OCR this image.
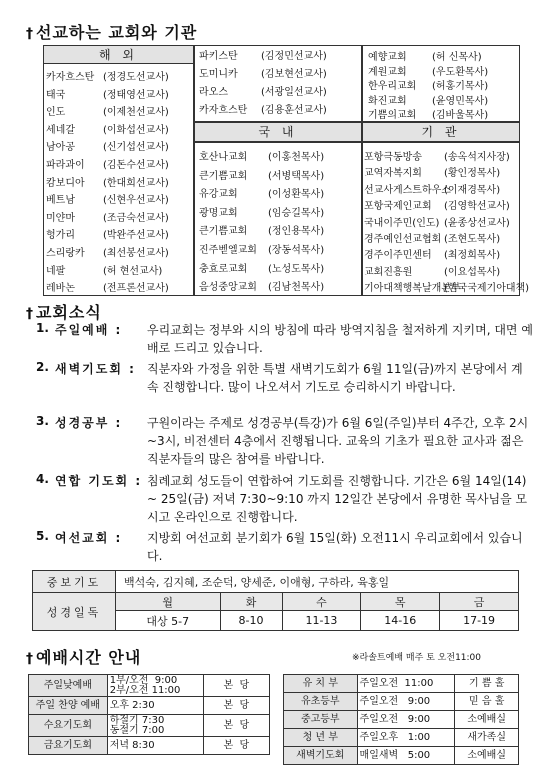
† 선교하는 교회와 기관
해 외
카자흐스탄 (정경도선교사)
태국	(정태영선교사)
인도	(이제천선교사)
세네갈	(이화섭선교사)
남아공	(신기섭선교사)
파라과이 (김돈수선교사)
캄보디아 (한대희선교사)
베트남	(신현우선교사)
미얀마	(조금숙선교사)
헝가리	(박완주선교사)
스리랑카 (최선봉선교사)
네팔	(허 현선교사)
레바논	(전프론선교사)
파키스탄 (김정민선교사)
도미니카 (김보현선교사)
라오스	(서광일선교사)
카자흐스탄 (김용훈선교사)
예향교회	(허 신목사)
계원교회	(우도환목사)
한우리교회 (허홍기목사)
화진교회	(윤영민목사)
기쁨의교회 (김바울목사)
국 내	기 관
호산나교회 (이홍천목사)
큰기쁨교회 (서병택목사)
유강교회	(이성환목사)
광명교회	(임승길목사)
큰기쁨교회 (정인용목사)
진주벧엘교회 (장동석목사)
충효로교회 (노성도목사)
음성중앙교회 (김남천목사)
포항극동방송 (송옥석지사장)
교역자복지회 (황인정목사)
선교사게스트하우스
(이재경목사)
포항국제인교회 (김영학선교사)
국내이주민(인도) (윤종상선교사)
경주예인선교협회 (조현도목사)
경주이주민센터 (최정희목사)
교회진흥원	(이요섭목사)
기아대책행복날개본부
(한국국제기아대책)
† 교회소식
1. 주일예배 : 우리교회는 정부와 시의 방침에 따라 방역지침을 철저하게 지키며, 대면 예배로 드리고 있습니다.
2. 새벽기도회 : 직분자와 가정을 위한 특별 새벽기도회가 6월 11일(금)까지 본당에서 계속 진행합니다. 많이 나오셔서 기도로 승리하시기 바랍니다.
3. 성경공부 : 구원이라는 주제로 성경공부(특강)가 6월 6일(주일)부터 4주간, 오후 2시~3시, 비전센터 4층에서 진행됩니다. 교육의 기초가 필요한 교사과 젊은 직분자들의 많은 참여를 바랍니다.
4. 연합 기도회 : 침례교회 성도들이 연합하여 기도회를 진행합니다. 기간은 6월 14일(14) ~ 25일(금) 저녁 7:30~9:10 까지 12일간 본당에서 유명한 목사님을 모시고 온라인으로 진행합니다.
5. 여선교회 : 지방회 여선교회 분기회가 6월 15일(화) 오전11시 우리교회에서 있습니다.
중보기도	백석숙, 김지혜, 조순덕, 양세준, 이애형, 구하라, 육홍일				
성경일독	월	화	수	목	금
	대상 5-7	8-10	11-13	14-16	17-19
† 예배시간 안내	※라솔트예배 매주 토 오전11:00
주일낮예배	1부/오전  9:00
2부/오전 11:00	본  당
주일 찬양 예배	오후 2:30	본  당
수요기도회	하절기 7:30
동절기 7:00	본  당
금요기도회	저녁 8:30	본  당
유 치 부	주일오전  11:00	기 쁨 홀
유초등부	주일오전   9:00	믿 음 홀
중고등부	주일오전   9:00	소예배실
청 년 부	주일오후   1:00	새가족실
새벽기도회	매일새벽   5:00	소예배실
